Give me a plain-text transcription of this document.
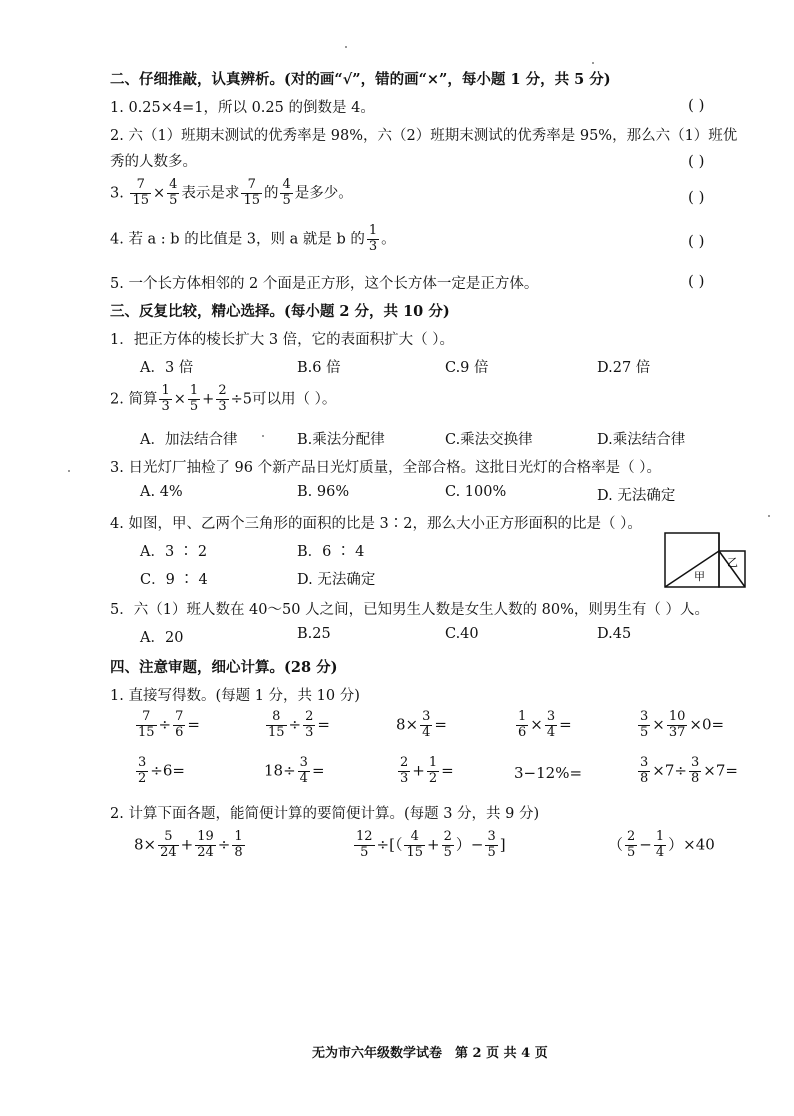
二、仔细推敲，认真辨析。(对的画“√”，错的画“×”，每小题 1 分，共 5 分)
1. 0.25×4=1，所以 0.25 的倒数是 4。	( )
2. 六（1）班期末测试的优秀率是 98%，六（2）班期末测试的优秀率是 95%，那么六（1）班优
秀的人数多。	( )
3. $\frac{7}{15} \times \frac{4}{5}$ 表示是求 $\frac{7}{15}$ 的 $\frac{4}{5}$ 是多少。	( )
4. 若 a : b 的比值是 3，则 a 就是 b 的 $\frac{1}{3}$ 。	( )
5. 一个长方体相邻的 2 个面是正方形，这个长方体一定是正方体。	( )
三、反复比较，精心选择。(每小题 2 分，共 10 分)
1．把正方体的棱长扩大 3 倍，它的表面积扩大（ ）。
A．3 倍	B.6 倍	C.9 倍	D.27 倍
2. 简算 $\frac{1}{3} \times \frac{1}{5} + \frac{2}{3} \div 5$可以用（ ）。
A．加法结合律	B.乘法分配律	C.乘法交换律	D.乘法结合律
3. 日光灯厂抽检了 96 个新产品日光灯质量，全部合格。这批日光灯的合格率是（ ）。
A. 4%	B. 96%	C. 100%	D. 无法确定
4. 如图，甲、乙两个三角形的面积的比是 3∶2，那么大小正方形面积的比是（ ）。
A．3 ∶ 2	B．6 ∶ 4
C．9 ∶ 4	D. 无法确定	甲
乙
5．六（1）班人数在 40～50 人之间，已知男生人数是女生人数的 80%，则男生有（ ）人。
A．20	B.25	C.40	D.45
四、注意审题，细心计算。(28 分)
1. 直接写得数。(每题 1 分，共 10 分)
$\frac{7}{15} \div \frac{7}{6}$ =	$\frac{8}{15} \div \frac{2}{3}$ =	$8\times \frac{3}{4}$ =	$\frac{1}{6} \times \frac{3}{4}$ =	$\frac{3}{5} \times \frac{10}{37} \times 0=$
$\frac{3}{2} \div 6=$	$18\div \frac{3}{4}$ =	$\frac{2}{3} + \frac{1}{2}$ =	3−12%=	$\frac{3}{8} \times 7\div \frac{3}{8} \times 7=$
2. 计算下面各题，能简便计算的要简便计算。(每题 3 分，共 9 分)
$8\times \frac{5}{24} + \frac{19}{24} \div \frac{1}{8}$	$\frac{12}{5}$ ÷[（ $\frac{4}{15} + \frac{2}{5}$ ）− $\frac{3}{5}$ ]	（ $\frac{2}{5} - \frac{1}{4} )\times 40$
无为市六年级数学试卷　第 2 页 共 4 页
